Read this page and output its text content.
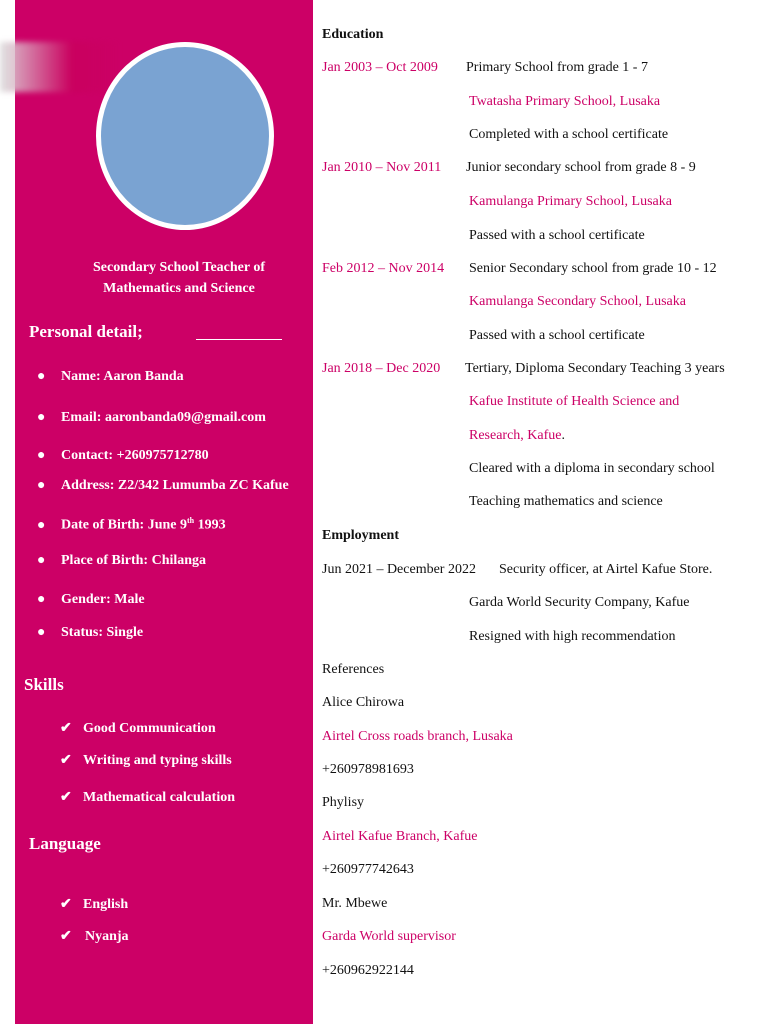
Secondary School Teacher of
Mathematics and Science
Personal detail;
● Name: Aaron Banda
● Email: aaronbanda09@gmail.com
● Contact: +260975712780
● Address: Z2/342 Lumumba ZC Kafue
● Date of Birth: June 9th 1993
● Place of Birth: Chilanga
● Gender: Male
● Status: Single
Skills
✔ Good Communication
✔ Writing and typing skills
✔ Mathematical calculation
Language
✔ English
✔ Nyanja
Education
Jan 2003 – Oct 2009 Primary School from grade 1 - 7
Twatasha Primary School, Lusaka
Completed with a school certificate
Jan 2010 – Nov 2011 Junior secondary school from grade 8 - 9
Kamulanga Primary School, Lusaka
Passed with a school certificate
Feb 2012 – Nov 2014 Senior Secondary school from grade 10 - 12
Kamulanga Secondary School, Lusaka
Passed with a school certificate
Jan 2018 – Dec 2020 Tertiary, Diploma Secondary Teaching 3 years
Kafue Institute of Health Science and
Research, Kafue.
Cleared with a diploma in secondary school
Teaching mathematics and science
Employment
Jun 2021 – December 2022 Security officer, at Airtel Kafue Store.
Garda World Security Company, Kafue
Resigned with high recommendation
References
Alice Chirowa
Airtel Cross roads branch, Lusaka
+260978981693
Phylisy
Airtel Kafue Branch, Kafue
+260977742643
Mr. Mbewe
Garda World supervisor
+260962922144
